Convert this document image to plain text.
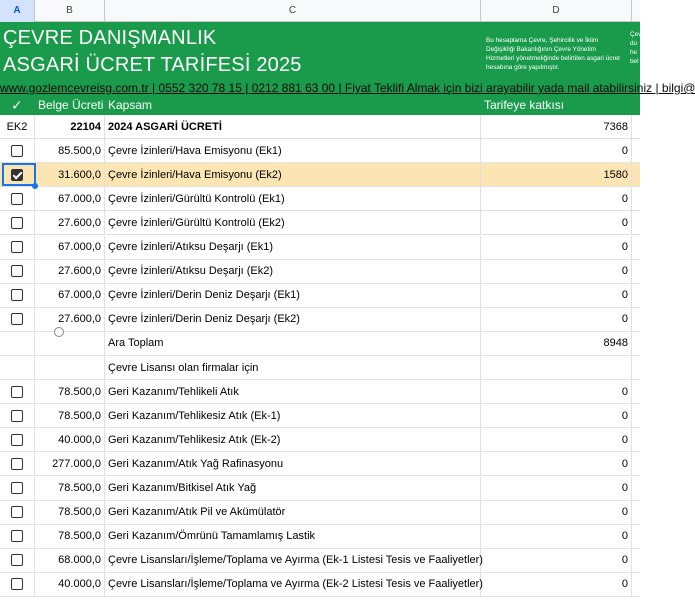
A	B	C	D
ÇEVRE DANIŞMANLIK
ASGARİ ÜCRET TARİFESİ 2025
Bu hesaplama Çevre, Şehircilik ve İklim Değişikliği Bakanlığının Çevre Yönetim Hizmetleri yönetmeliğinde belirtilen asgari ücret hesabına göre yapılmıştır.
Çevre du he bel
www.gozlemcevreisg.com.tr | 0552 320 78 15 | 0212 881 63 00 | Fiyat Teklifi Almak için bizi arayabilir yada mail atabilirsiniz | bilgi@
✓ Belge Ücreti Kapsam	Tarifeye katkısı
EK2	22104 2024 ASGARİ ÜCRETİ	7368
85.500,0 Çevre İzinleri/Hava Emisyonu (Ek1)	0
31.600,0 Çevre İzinleri/Hava Emisyonu (Ek2)	1580
67.000,0 Çevre İzinleri/Gürültü Kontrolü (Ek1)	0
27.600,0 Çevre İzinleri/Gürültü Kontrolü (Ek2)	0
67.000,0 Çevre İzinleri/Atıksu Deşarjı (Ek1)	0
27.600,0 Çevre İzinleri/Atıksu Deşarjı (Ek2)	0
67.000,0 Çevre İzinleri/Derin Deniz Deşarjı (Ek1)	0
27.600,0 Çevre İzinleri/Derin Deniz Deşarjı (Ek2)	0
Ara Toplam	8948
Çevre Lisansı olan firmalar için
78.500,0 Geri Kazanım/Tehlikeli Atık	0
78.500,0 Geri Kazanım/Tehlikesiz Atık (Ek-1)	0
40.000,0 Geri Kazanım/Tehlikesiz Atık (Ek-2)	0
277.000,0 Geri Kazanım/Atık Yağ Rafinasyonu	0
78.500,0 Geri Kazanım/Bitkisel Atık Yağ	0
78.500,0 Geri Kazanım/Atık Pil ve Akümülatör	0
78.500,0 Geri Kazanım/Ömrünü Tamamlamış Lastik	0
68.000,0 Çevre Lisansları/İşleme/Toplama ve Ayırma (Ek-1 Listesi Tesis ve Faaliyetler)	0
40.000,0 Çevre Lisansları/İşleme/Toplama ve Ayırma (Ek-2 Listesi Tesis ve Faaliyetler)	0
